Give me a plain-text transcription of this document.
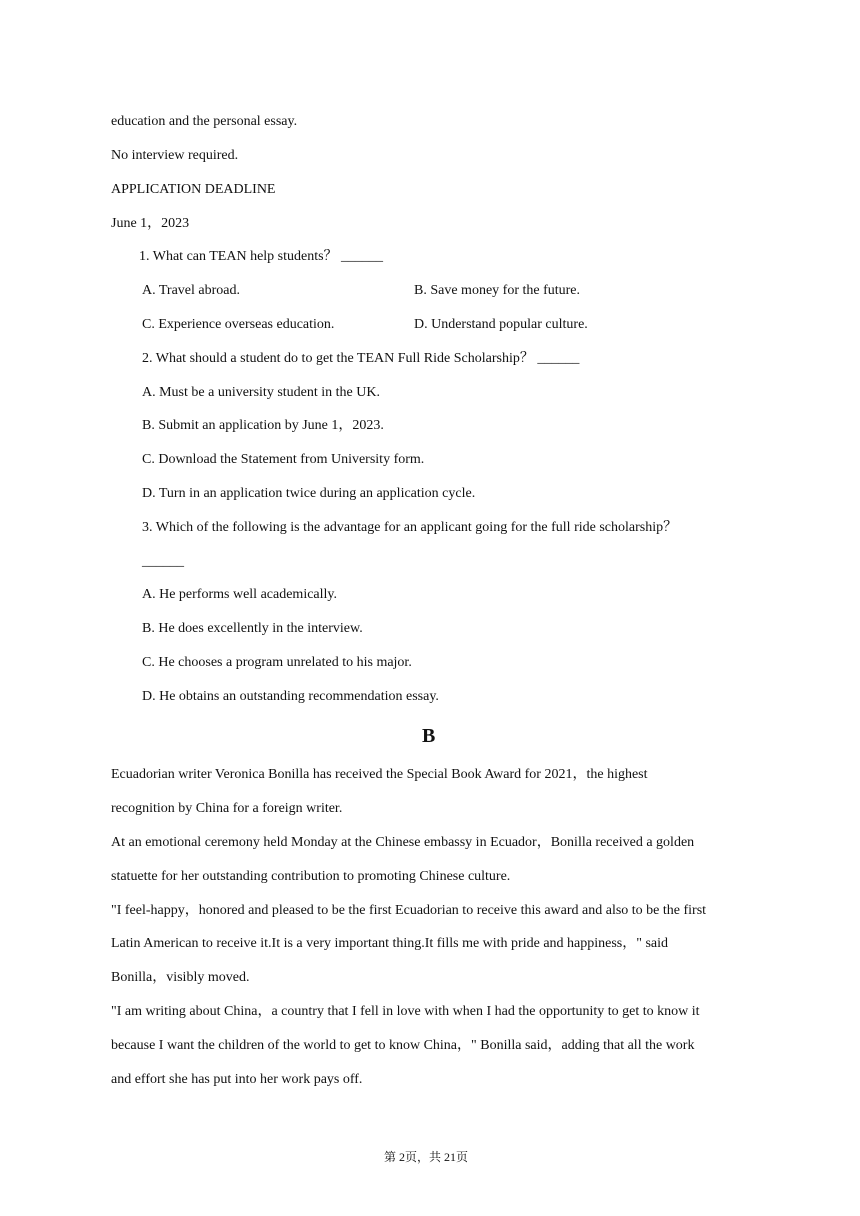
education and the personal essay.
No interview required.
APPLICATION DEADLINE
June 1，2023
1. What can TEAN help students？ ______
A. Travel abroad.	B. Save money for the future.
C. Experience overseas education.	D. Understand popular culture.
2. What should a student do to get the TEAN Full Ride Scholarship？ ______
A. Must be a university student in the UK.
B. Submit an application by June 1，2023.
C. Download the Statement from University form.
D. Turn in an application twice during an application cycle.
3. Which of the following is the advantage for an applicant going for the full ride scholarship？
______
A. He performs well academically.
B. He does excellently in the interview.
C. He chooses a program unrelated to his major.
D. He obtains an outstanding recommendation essay.
B
Ecuadorian writer Veronica Bonilla has received the Special Book Award for 2021，the highest
recognition by China for a foreign writer.
At an emotional ceremony held Monday at the Chinese embassy in Ecuador，Bonilla received a golden
statuette for her outstanding contribution to promoting Chinese culture.
"I feel-happy，honored and pleased to be the first Ecuadorian to receive this award and also to be the first
Latin American to receive it.It is a very important thing.It fills me with pride and happiness，" said
Bonilla，visibly moved.
"I am writing about China，a country that I fell in love with when I had the opportunity to get to know it
because I want the children of the world to get to know China，" Bonilla said，adding that all the work
and effort she has put into her work pays off.
第 2页，共 21页
